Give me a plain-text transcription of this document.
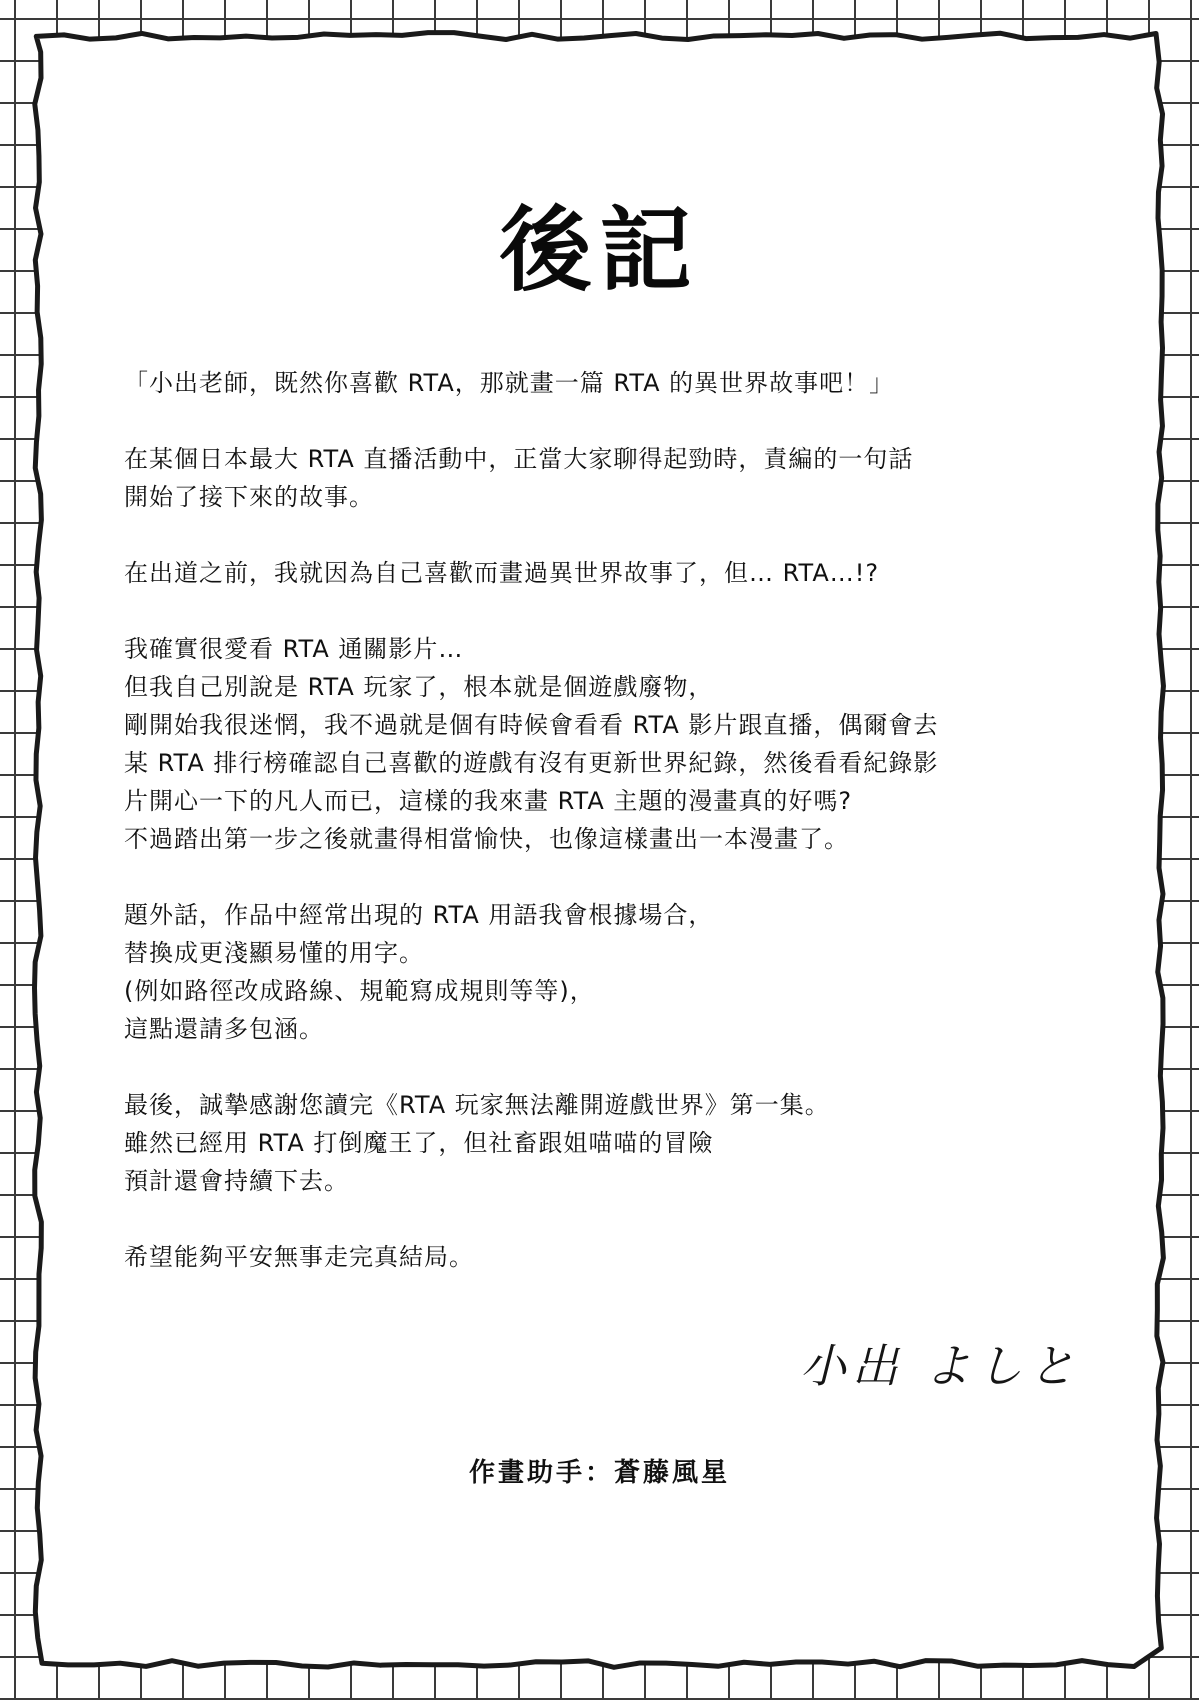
後記
「小出老師，既然你喜歡 RTA，那就畫一篇 RTA 的異世界故事吧！」
在某個日本最大 RTA 直播活動中，正當大家聊得起勁時，責編的一句話
開始了接下來的故事。
在出道之前，我就因為自己喜歡而畫過異世界故事了，但… RTA…!?
我確實很愛看 RTA 通關影片…
但我自己別說是 RTA 玩家了，根本就是個遊戲廢物，
剛開始我很迷惘，我不過就是個有時候會看看 RTA 影片跟直播，偶爾會去
某 RTA 排行榜確認自己喜歡的遊戲有沒有更新世界紀錄，然後看看紀錄影
片開心一下的凡人而已，這樣的我來畫 RTA 主題的漫畫真的好嗎?
不過踏出第一步之後就畫得相當愉快，也像這樣畫出一本漫畫了。
題外話，作品中經常出現的 RTA 用語我會根據場合，
替換成更淺顯易懂的用字。
(例如路徑改成路線、規範寫成規則等等)，
這點還請多包涵。
最後，誠摯感謝您讀完《RTA 玩家無法離開遊戲世界》第一集。
雖然已經用 RTA 打倒魔王了，但社畜跟姐喵喵的冒險
預計還會持續下去。
希望能夠平安無事走完真結局。
小出 よしと
作畫助手：蒼藤風星
